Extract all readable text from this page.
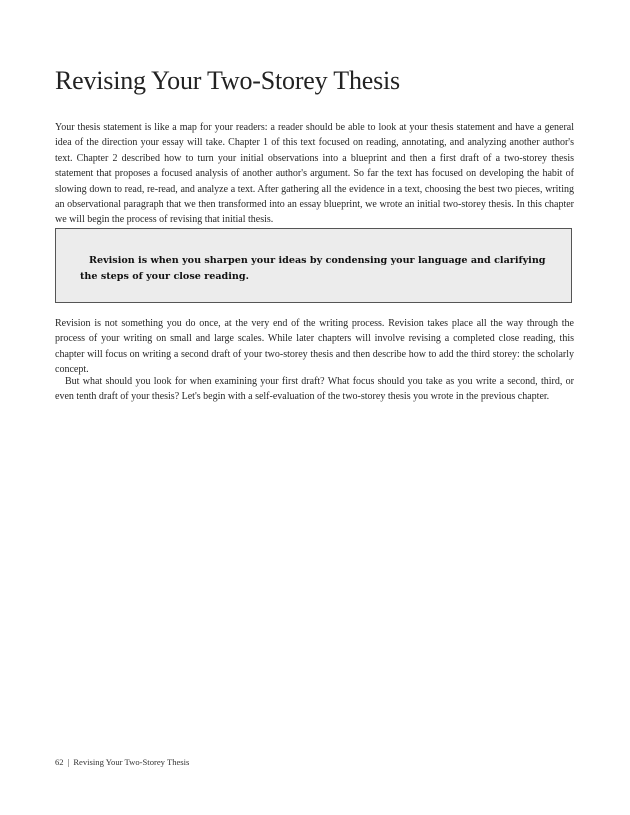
Revising Your Two-Storey Thesis

Your thesis statement is like a map for your readers: a reader should be able to look at your thesis statement and have a general idea of the direction your essay will take. Chapter 1 of this text focused on reading, annotating, and analyzing another author's text. Chapter 2 described how to turn your initial observations into a blueprint and then a first draft of a two-storey thesis statement that proposes a focused analysis of another author's argument. So far the text has focused on developing the habit of slowing down to read, re-read, and analyze a text. After gathering all the evidence in a text, choosing the best two pieces, writing an observational paragraph that we then transformed into an essay blueprint, we wrote an initial two-storey thesis. In this chapter we will begin the process of revising that initial thesis.

Revision is when you sharpen your ideas by condensing your language and clarifying the steps of your close reading.

Revision is not something you do once, at the very end of the writing process. Revision takes place all the way through the process of your writing on small and large scales. While later chapters will involve revising a completed close reading, this chapter will focus on writing a second draft of your two-storey thesis and then describe how to add the third storey: the scholarly concept.

But what should you look for when examining your first draft? What focus should you take as you write a second, third, or even tenth draft of your thesis? Let's begin with a self-evaluation of the two-storey thesis you wrote in the previous chapter.

62 | Revising Your Two-Storey Thesis
